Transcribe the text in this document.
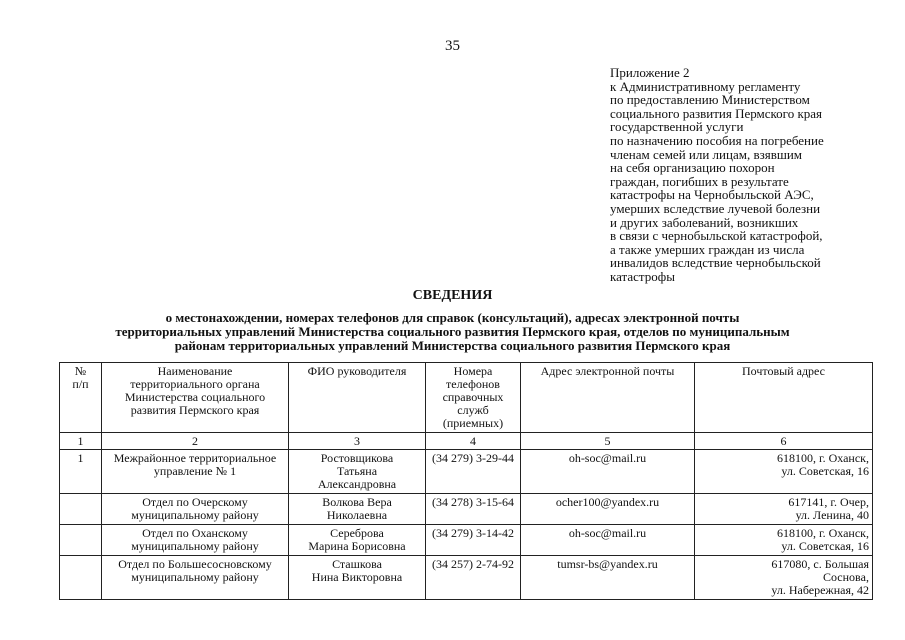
35
Приложение 2
к Административному регламенту
по предоставлению Министерством
социального развития Пермского края
государственной услуги
по назначению пособия на погребение
членам семей или лицам, взявшим
на себя организацию похорон
граждан, погибших в результате
катастрофы на Чернобыльской АЭС,
умерших вследствие лучевой болезни
и других заболеваний, возникших
в связи с чернобыльской катастрофой,
а также умерших граждан из числа
инвалидов вследствие чернобыльской
катастрофы
СВЕДЕНИЯ
о местонахождении, номерах телефонов для справок (консультаций), адресах электронной почты
территориальных управлений Министерства социального развития Пермского края, отделов по муниципальным
районам территориальных управлений Министерства социального развития Пермского края
№
п/п	Наименование
территориального органа
Министерства социального
развития Пермского края	ФИО руководителя	Номера
телефонов
справочных
служб
(приемных)	Адрес электронной почты	Почтовый адрес
1	2	3	4	5	6
1	Межрайонное территориальное
управление № 1	Ростовщикова
Татьяна
Александровна	(34 279) 3-29-44	oh-soc@mail.ru	618100, г. Оханск,
ул. Советская, 16
	Отдел по Очерскому
муниципальному району	Волкова Вера
Николаевна	(34 278) 3-15-64	ocher100@yandex.ru	617141, г. Очер,
ул. Ленина, 40
	Отдел по Оханскому
муниципальному району	Сереброва
Марина Борисовна	(34 279) 3-14-42	oh-soc@mail.ru	618100, г. Оханск,
ул. Советская, 16
	Отдел по Большесосновскому
муниципальному району	Сташкова
Нина Викторовна	(34 257) 2-74-92	tumsr-bs@yandex.ru	617080, с. Большая
Сосновa,
ул. Набережная, 42
